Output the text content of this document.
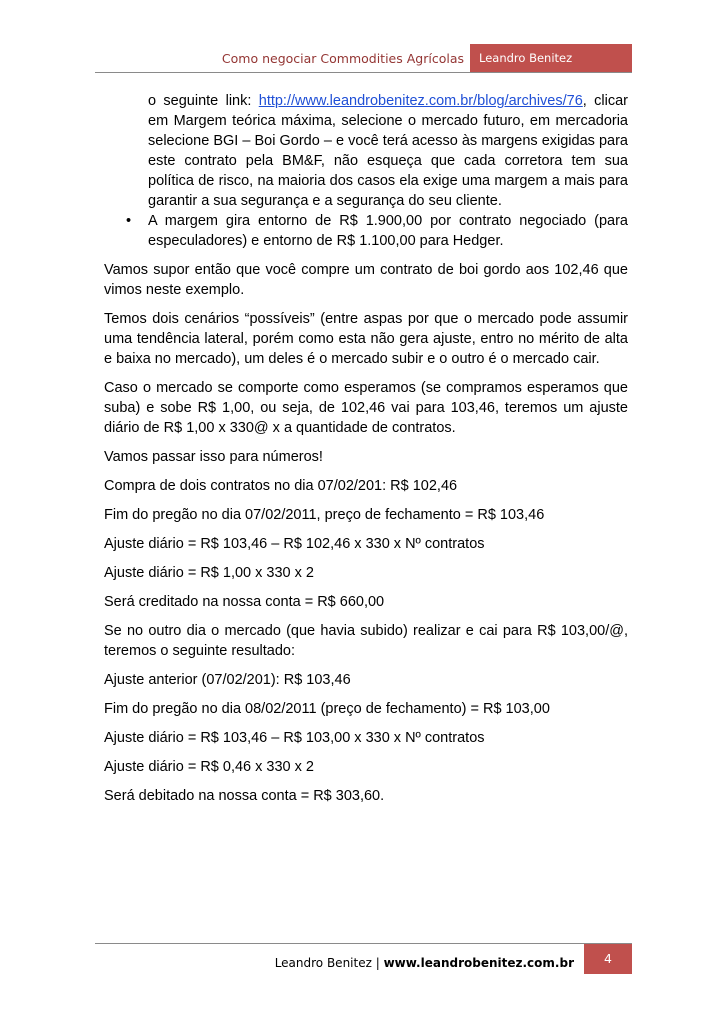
Como negociar Commodities Agrícolas	Leandro Benitez
o seguinte link: http://www.leandrobenitez.com.br/blog/archives/76, clicar em Margem teórica máxima, selecione o mercado futuro, em mercadoria selecione BGI – Boi Gordo – e você terá acesso às margens exigidas para este contrato pela BM&F, não esqueça que cada corretora tem sua política de risco, na maioria dos casos ela exige uma margem a mais para garantir a sua segurança e a segurança do seu cliente.
• A margem gira entorno de R$ 1.900,00 por contrato negociado (para especuladores) e entorno de R$ 1.100,00 para Hedger.
Vamos supor então que você compre um contrato de boi gordo aos 102,46 que vimos neste exemplo.
Temos dois cenários “possíveis” (entre aspas por que o mercado pode assumir uma tendência lateral, porém como esta não gera ajuste, entro no mérito de alta e baixa no mercado), um deles é o mercado subir e o outro é o mercado cair.
Caso o mercado se comporte como esperamos (se compramos esperamos que suba) e sobe R$ 1,00, ou seja, de 102,46 vai para 103,46, teremos um ajuste diário de R$ 1,00 x 330@ x a quantidade de contratos.
Vamos passar isso para números!
Compra de dois contratos no dia 07/02/201: R$ 102,46
Fim do pregão no dia 07/02/2011, preço de fechamento = R$ 103,46
Ajuste diário = R$ 103,46 – R$ 102,46 x 330 x Nº contratos
Ajuste diário = R$ 1,00 x 330 x 2
Será creditado na nossa conta = R$ 660,00
Se no outro dia o mercado (que havia subido) realizar e cai para R$ 103,00/@, teremos o seguinte resultado:
Ajuste anterior (07/02/201): R$ 103,46
Fim do pregão no dia 08/02/2011 (preço de fechamento) = R$ 103,00
Ajuste diário = R$ 103,46 – R$ 103,00 x 330 x Nº contratos
Ajuste diário = R$ 0,46 x 330 x 2
Será debitado na nossa conta = R$ 303,60.
Leandro Benitez | www.leandrobenitez.com.br	4
